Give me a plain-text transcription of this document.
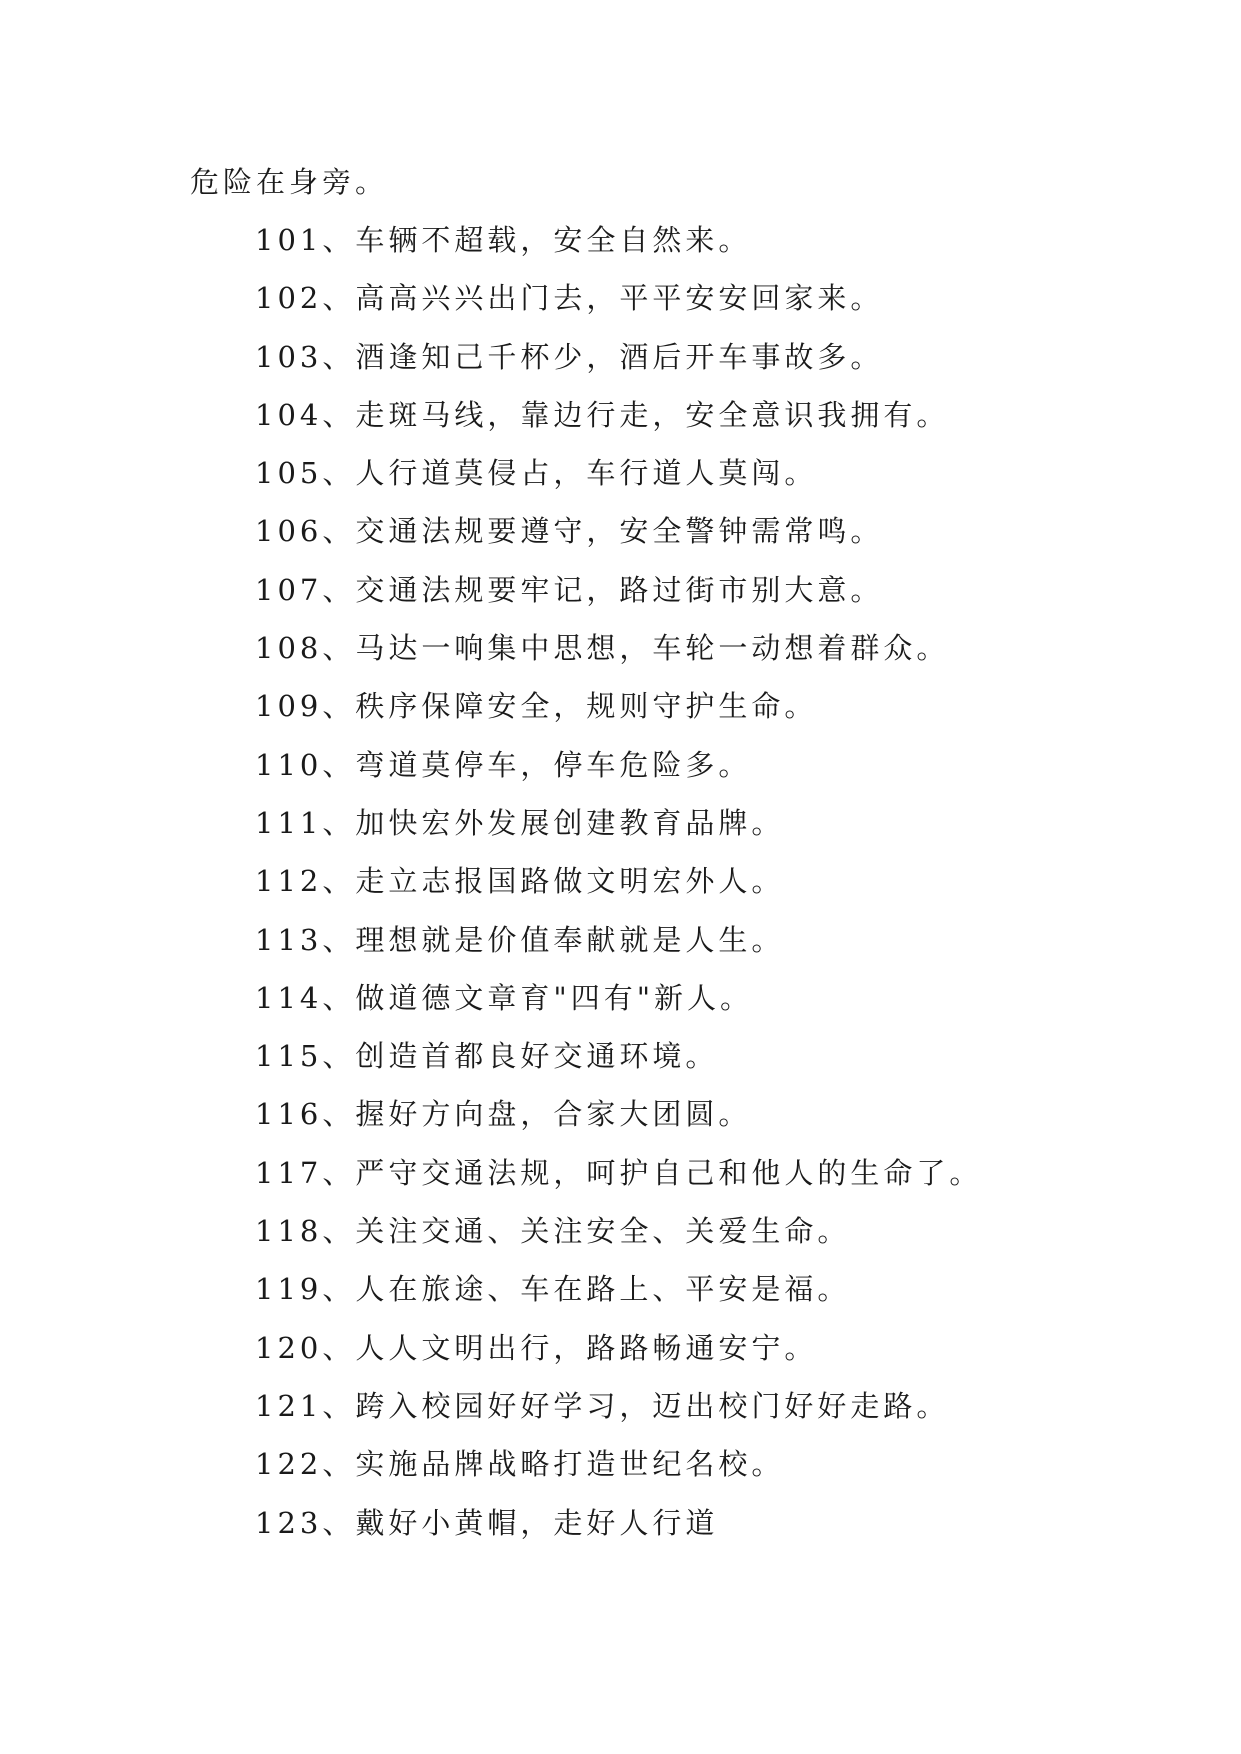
危险在身旁。
101、车辆不超载，安全自然来。
102、高高兴兴出门去，平平安安回家来。
103、酒逢知己千杯少，酒后开车事故多。
104、走斑马线，靠边行走，安全意识我拥有。
105、人行道莫侵占，车行道人莫闯。
106、交通法规要遵守，安全警钟需常鸣。
107、交通法规要牢记，路过街市别大意。
108、马达一响集中思想，车轮一动想着群众。
109、秩序保障安全，规则守护生命。
110、弯道莫停车，停车危险多。
111、加快宏外发展创建教育品牌。
112、走立志报国路做文明宏外人。
113、理想就是价值奉献就是人生。
114、做道德文章育"四有"新人。
115、创造首都良好交通环境。
116、握好方向盘，合家大团圆。
117、严守交通法规，呵护自己和他人的生命了。
118、关注交通、关注安全、关爱生命。
119、人在旅途、车在路上、平安是福。
120、人人文明出行，路路畅通安宁。
121、跨入校园好好学习，迈出校门好好走路。
122、实施品牌战略打造世纪名校。
123、戴好小黄帽，走好人行道
